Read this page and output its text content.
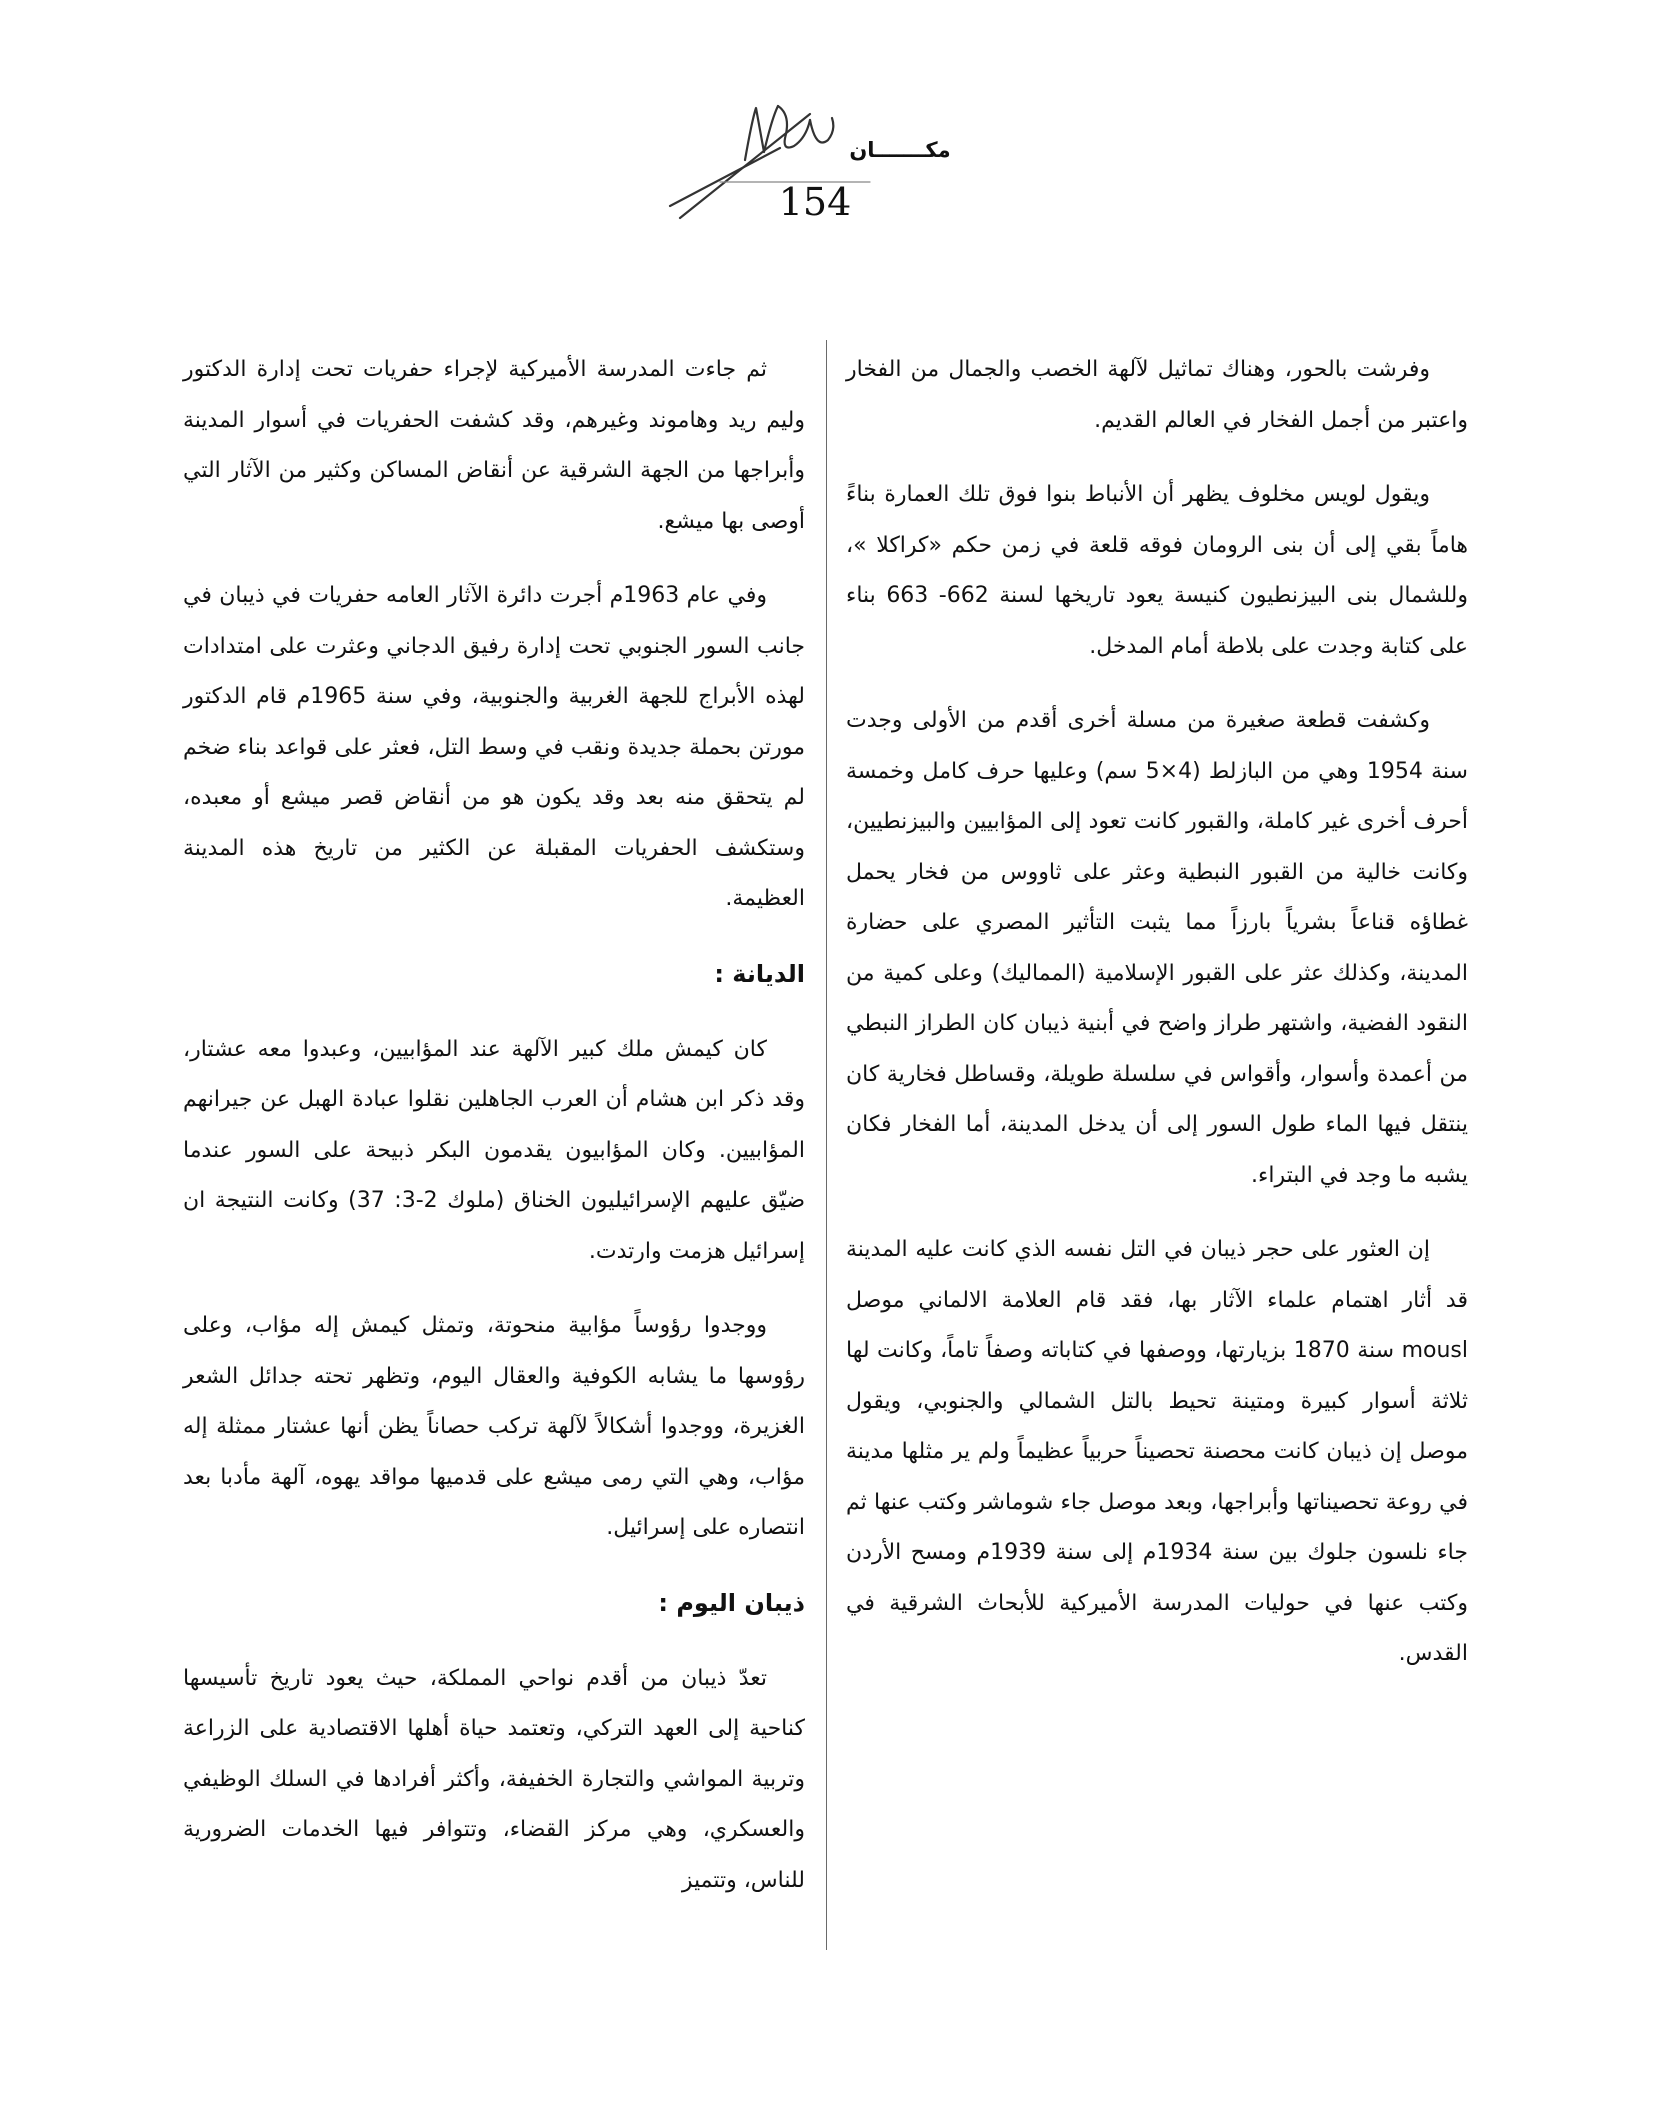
مكـــــــان
154

وفرشت بالحور، وهناك تماثيل لآلهة الخصب والجمال من الفخار واعتبر من أجمل الفخار في العالم القديم.

ويقول لويس مخلوف يظهر أن الأنباط بنوا فوق تلك العمارة بناءً هاماً بقي إلى أن بنى الرومان فوقه قلعة في زمن حكم «كراكلا »، وللشمال بنى البيزنطيون كنيسة يعود تاريخها لسنة 662- 663 بناء على كتابة وجدت على بلاطة أمام المدخل.

وكشفت قطعة صغيرة من مسلة أخرى أقدم من الأولى وجدت سنة 1954 وهي من البازلط (4×5 سم) وعليها حرف كامل وخمسة أحرف أخرى غير كاملة، والقبور كانت تعود إلى المؤابيين والبيزنطيين، وكانت خالية من القبور النبطية وعثر على ثاووس من فخار يحمل غطاؤه قناعاً بشرياً بارزاً مما يثبت التأثير المصري على حضارة المدينة، وكذلك عثر على القبور الإسلامية (المماليك) وعلى كمية من النقود الفضية، واشتهر طراز واضح في أبنية ذيبان كان الطراز النبطي من أعمدة وأسوار، وأقواس في سلسلة طويلة، وقساطل فخارية كان ينتقل فيها الماء طول السور إلى أن يدخل المدينة، أما الفخار فكان يشبه ما وجد في البتراء.

إن العثور على حجر ذيبان في التل نفسه الذي كانت عليه المدينة قد أثار اهتمام علماء الآثار بها، فقد قام العلامة الالماني موصل mousl سنة 1870 بزيارتها، ووصفها في كتاباته وصفاً تاماً، وكانت لها ثلاثة أسوار كبيرة ومتينة تحيط بالتل الشمالي والجنوبي، ويقول موصل إن ذيبان كانت محصنة تحصيناً حربياً عظيماً ولم ير مثلها مدينة في روعة تحصيناتها وأبراجها، وبعد موصل جاء شوماشر وكتب عنها ثم جاء نلسون جلوك بين سنة 1934م إلى سنة 1939م ومسح الأردن وكتب عنها في حوليات المدرسة الأميركية للأبحاث الشرقية في القدس.

ثم جاءت المدرسة الأميركية لإجراء حفريات تحت إدارة الدكتور وليم ريد وهاموند وغيرهم، وقد كشفت الحفريات في أسوار المدينة وأبراجها من الجهة الشرقية عن أنقاض المساكن وكثير من الآثار التي أوصى بها ميشع.

وفي عام 1963م أجرت دائرة الآثار العامه حفريات في ذيبان في جانب السور الجنوبي تحت إدارة رفيق الدجاني وعثرت على امتدادات لهذه الأبراج للجهة الغربية والجنوبية، وفي سنة 1965م قام الدكتور مورتن بحملة جديدة ونقب في وسط التل، فعثر على قواعد بناء ضخم لم يتحقق منه بعد وقد يكون هو من أنقاض قصر ميشع أو معبده، وستكشف الحفريات المقبلة عن الكثير من تاريخ هذه المدينة العظيمة.

الديانة :

كان كيمش ملك كبير الآلهة عند المؤابيين، وعبدوا معه عشتار، وقد ذكر ابن هشام أن العرب الجاهلين نقلوا عبادة الهبل عن جيرانهم المؤابيين. وكان المؤابيون يقدمون البكر ذبيحة على السور عندما ضيّق عليهم الإسرائيليون الخناق (ملوك 2-3: 37) وكانت النتيجة ان إسرائيل هزمت وارتدت.

ووجدوا رؤوساً مؤابية منحوتة، وتمثل كيمش إله مؤاب، وعلى رؤوسها ما يشابه الكوفية والعقال اليوم، وتظهر تحته جدائل الشعر الغزيرة، ووجدوا أشكالاً لآلهة تركب حصاناً يظن أنها عشتار ممثلة إله مؤاب، وهي التي رمى ميشع على قدميها مواقد يهوه، آلهة مأدبا بعد انتصاره على إسرائيل.

ذيبان اليوم :

تعدّ ذيبان من أقدم نواحي المملكة، حيث يعود تاريخ تأسيسها كناحية إلى العهد التركي، وتعتمد حياة أهلها الاقتصادية على الزراعة وتربية المواشي والتجارة الخفيفة، وأكثر أفرادها في السلك الوظيفي والعسكري، وهي مركز القضاء، وتتوافر فيها الخدمات الضرورية للناس، وتتميز
